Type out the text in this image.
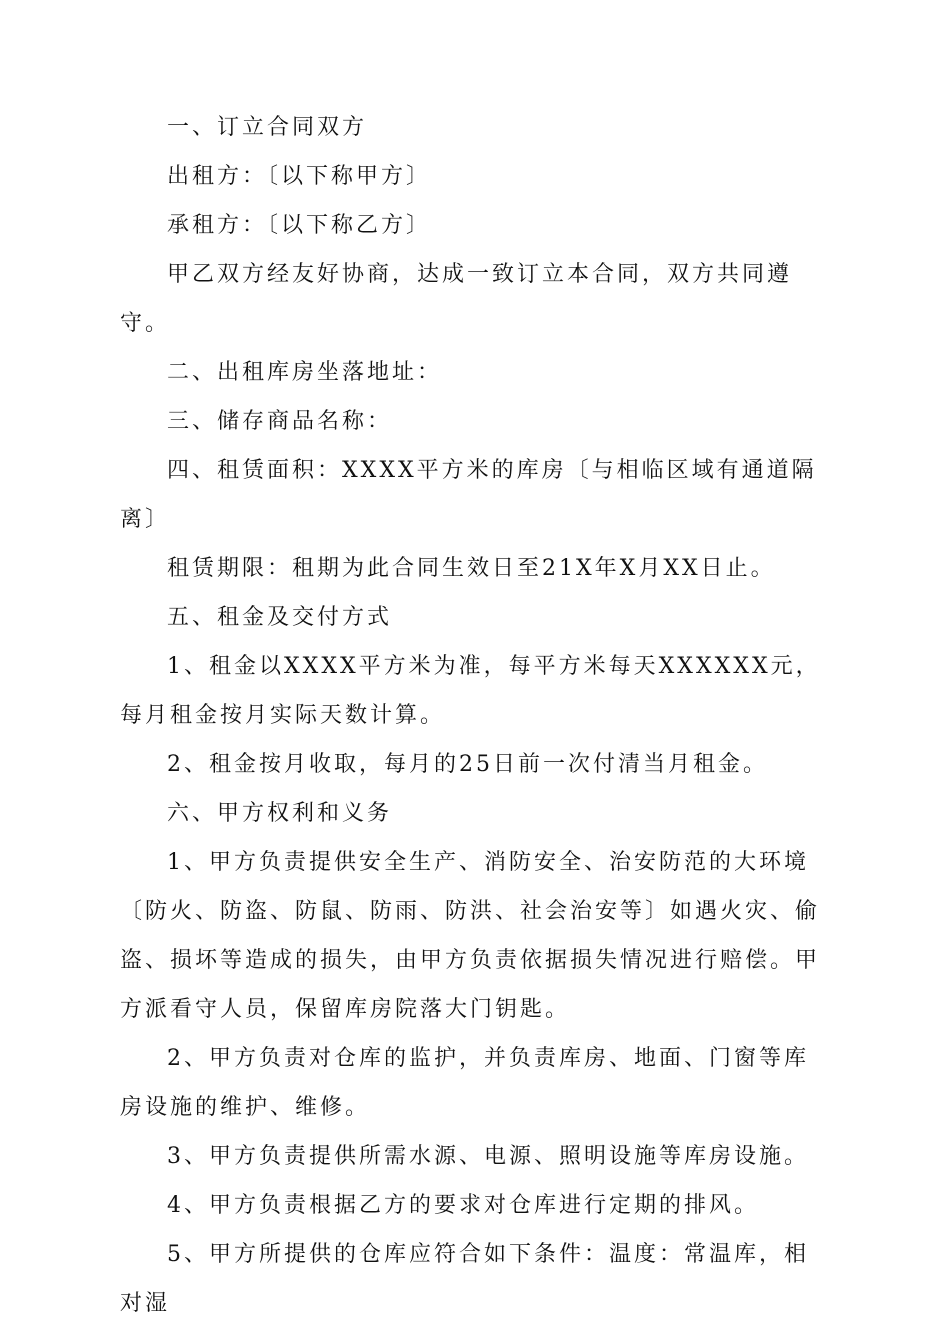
一、订立合同双方

出租方：〔以下称甲方〕

承租方：〔以下称乙方〕

甲乙双方经友好协商，达成一致订立本合同，双方共同遵守。

二、出租库房坐落地址：

三、储存商品名称：

四、租赁面积：XXXX平方米的库房〔与相临区域有通道隔离〕

租赁期限：租期为此合同生效日至21X年X月XX日止。

五、租金及交付方式

1、租金以XXXX平方米为准，每平方米每天XXXXXX元，每月租金按月实际天数计算。

2、租金按月收取，每月的25日前一次付清当月租金。

六、甲方权利和义务

1、甲方负责提供安全生产、消防安全、治安防范的大环境〔防火、防盗、防鼠、防雨、防洪、社会治安等〕如遇火灾、偷盗、损坏等造成的损失，由甲方负责依据损失情况进行赔偿。甲方派看守人员，保留库房院落大门钥匙。

2、甲方负责对仓库的监护，并负责库房、地面、门窗等库房设施的维护、维修。

3、甲方负责提供所需水源、电源、照明设施等库房设施。

4、甲方负责根据乙方的要求对仓库进行定期的排风。

5、甲方所提供的仓库应符合如下条件：温度：常温库，相对湿
